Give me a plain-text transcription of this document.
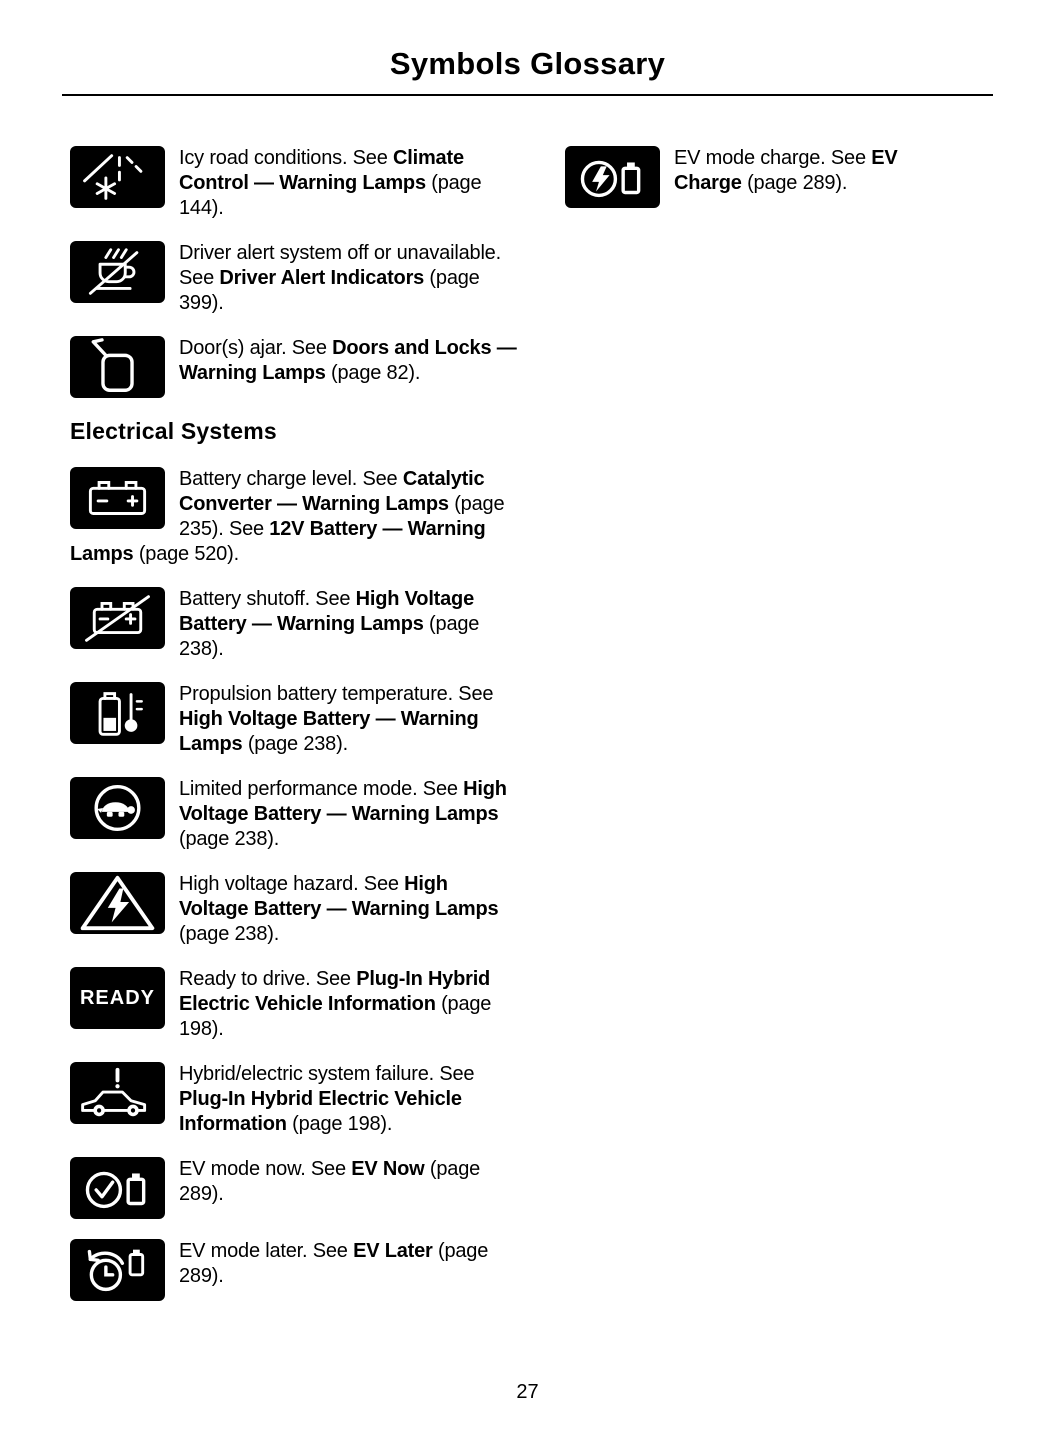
Symbols Glossary

Icy road conditions. See Climate Control — Warning Lamps (page 144).

Driver alert system off or unavailable. See Driver Alert Indicators (page 399).

Door(s) ajar. See Doors and Locks — Warning Lamps (page 82).

Electrical Systems

Battery charge level. See Catalytic Converter — Warning Lamps (page 235). See 12V Battery — Warning Lamps (page 520).

Battery shutoff. See High Voltage Battery — Warning Lamps (page 238).

Propulsion battery temperature. See High Voltage Battery — Warning Lamps (page 238).

Limited performance mode. See High Voltage Battery — Warning Lamps (page 238).

High voltage hazard. See High Voltage Battery — Warning Lamps (page 238).

READY

Ready to drive. See Plug-In Hybrid Electric Vehicle Information (page 198).

Hybrid/electric system failure. See Plug-In Hybrid Electric Vehicle Information (page 198).

EV mode now. See EV Now (page 289).

EV mode later. See EV Later (page 289).

EV mode charge. See EV Charge (page 289).

27
